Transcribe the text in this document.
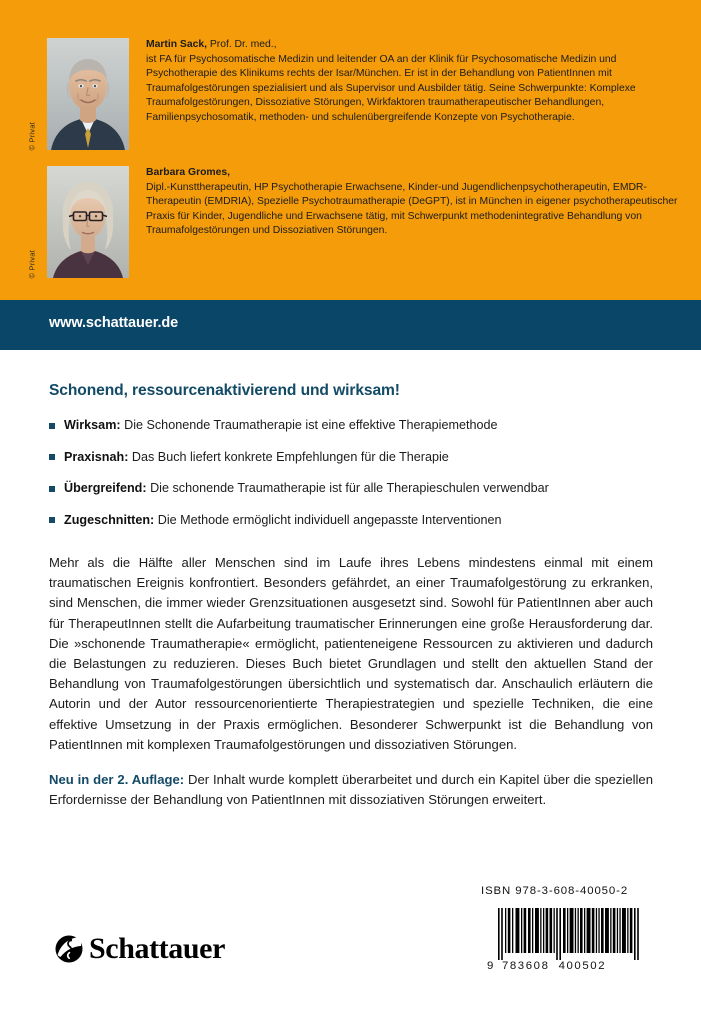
© Privat
Martin Sack, Prof. Dr. med.,
ist FA für Psychosomatische Medizin und leitender OA an der Klinik für Psychosomatische Medizin und Psychotherapie des Klinikums rechts der Isar/München. Er ist in der Behandlung von PatientInnen mit Traumafolgestörungen spezialisiert und als Supervisor und Ausbilder tätig. Seine Schwerpunkte: Komplexe Traumafolgestörungen, Dissoziative Störungen, Wirkfaktoren traumatherapeutischer Behandlungen, Familienpsychosomatik, methoden- und schulenübergreifende Konzepte von Psychotherapie.
© Privat
Barbara Gromes,
Dipl.-Kunsttherapeutin, HP Psychotherapie Erwachsene, Kinder-und Jugendlichenpsychotherapeutin, EMDR-Therapeutin (EMDRIA), Spezielle Psychotraumatherapie (DeGPT), ist in München in eigener psychotherapeutischer Praxis für Kinder, Jugendliche und Erwachsene tätig, mit Schwerpunkt methodenintegrative Behandlung von Traumafolgestörungen und Dissoziativen Störungen.
www.schattauer.de
Schonend, ressourcenaktivierend und wirksam!
Wirksam: Die Schonende Traumatherapie ist eine effektive Therapiemethode
Praxisnah: Das Buch liefert konkrete Empfehlungen für die Therapie
Übergreifend: Die schonende Traumatherapie ist für alle Therapieschulen verwendbar
Zugeschnitten: Die Methode ermöglicht individuell angepasste Interventionen

Mehr als die Hälfte aller Menschen sind im Laufe ihres Lebens mindestens einmal mit einem traumatischen Ereignis konfrontiert. Besonders gefährdet, an einer Traumafolgestörung zu erkranken, sind Menschen, die immer wieder Grenzsituationen ausgesetzt sind. Sowohl für PatientInnen aber auch für TherapeutInnen stellt die Aufarbeitung traumatischer Erinnerungen eine große Herausforderung dar. Die »schonende Traumatherapie« ermöglicht, patienteneigene Ressourcen zu aktivieren und dadurch die Belastungen zu reduzieren. Dieses Buch bietet Grundlagen und stellt den aktuellen Stand der Behandlung von Traumafolgestörungen übersichtlich und systematisch dar. Anschaulich erläutern die Autorin und der Autor ressourcenorientierte Therapiestrategien und spezielle Techniken, die eine effektive Umsetzung in der Praxis ermöglichen. Besonderer Schwerpunkt ist die Behandlung von PatientInnen mit komplexen Traumafolgestörungen und dissoziativen Störungen.

Neu in der 2. Auflage: Der Inhalt wurde komplett überarbeitet und durch ein Kapitel über die speziellen Erfordernisse der Behandlung von PatientInnen mit dissoziativen Störungen erweitert.

ISBN 978-3-608-40050-2
9 783608 400502
Schattauer
